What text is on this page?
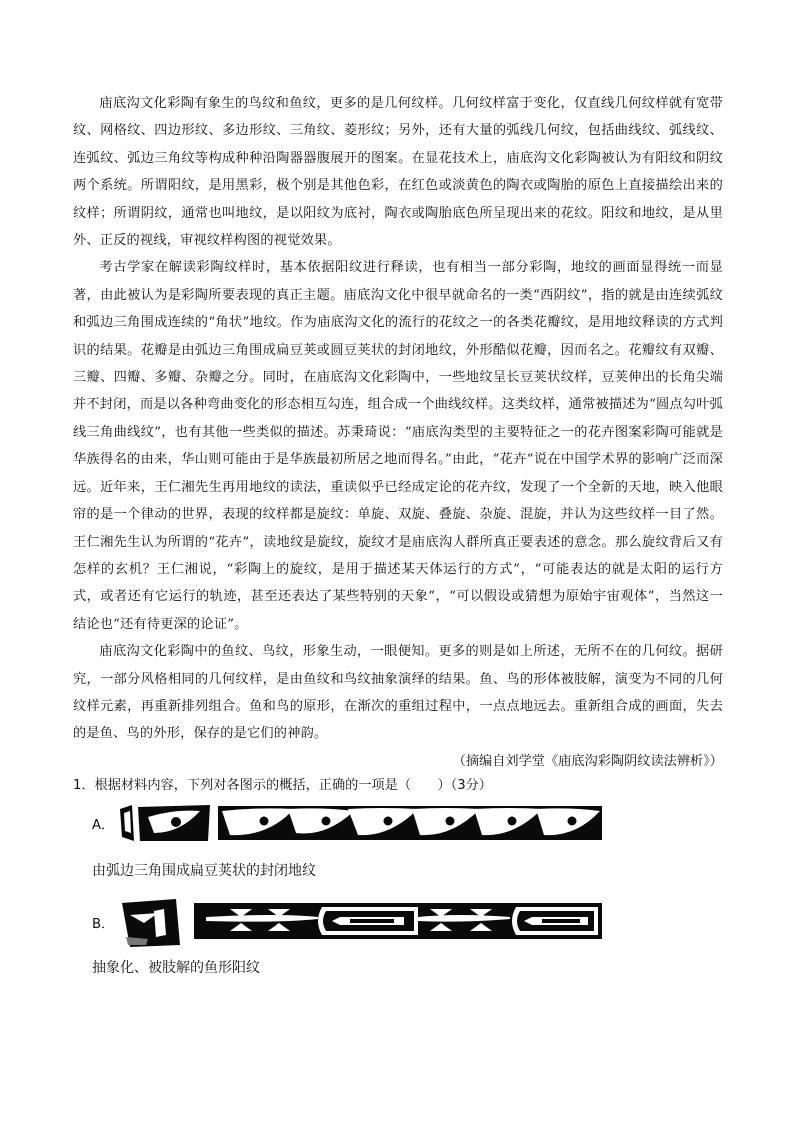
庙底沟文化彩陶有象生的鸟纹和鱼纹，更多的是几何纹样。几何纹样富于变化，仅直线几何纹样就有宽带纹、网格纹、四边形纹、多边形纹、三角纹、菱形纹；另外，还有大量的弧线几何纹，包括曲线纹、弧线纹、连弧纹、弧边三角纹等构成种种沿陶器器腹展开的图案。在显花技术上，庙底沟文化彩陶被认为有阳纹和阴纹两个系统。所谓阳纹，是用黑彩，极个别是其他色彩，在红色或淡黄色的陶衣或陶胎的原色上直接描绘出来的纹样；所谓阴纹，通常也叫地纹，是以阳纹为底衬，陶衣或陶胎底色所呈现出来的花纹。阳纹和地纹，是从里外、正反的视线，审视纹样构图的视觉效果。

考古学家在解读彩陶纹样时，基本依据阳纹进行释读，也有相当一部分彩陶，地纹的画面显得统一而显著，由此被认为是彩陶所要表现的真正主题。庙底沟文化中很早就命名的一类“西阴纹”，指的就是由连续弧纹和弧边三角围成连续的“角状”地纹。作为庙底沟文化的流行的花纹之一的各类花瓣纹，是用地纹释读的方式判识的结果。花瓣是由弧边三角围成扁豆荚或圆豆荚状的封闭地纹，外形酷似花瓣，因而名之。花瓣纹有双瓣、三瓣、四瓣、多瓣、杂瓣之分。同时，在庙底沟文化彩陶中，一些地纹呈长豆荚状纹样，豆荚伸出的长角尖端并不封闭，而是以各种弯曲变化的形态相互勾连，组合成一个曲线纹样。这类纹样，通常被描述为“圆点勾叶弧线三角曲线纹”，也有其他一些类似的描述。苏秉琦说：“庙底沟类型的主要特征之一的花卉图案彩陶可能就是华族得名的由来，华山则可能由于是华族最初所居之地而得名。”由此，“花卉”说在中国学术界的影响广泛而深远。近年来，王仁湘先生再用地纹的读法，重读似乎已经成定论的花卉纹，发现了一个全新的天地，映入他眼帘的是一个律动的世界，表现的纹样都是旋纹：单旋、双旋、叠旋、杂旋、混旋，并认为这些纹样一目了然。王仁湘先生认为所谓的“花卉”，读地纹是旋纹，旋纹才是庙底沟人群所真正要表述的意念。那么旋纹背后又有怎样的玄机？王仁湘说，“彩陶上的旋纹，是用于描述某天体运行的方式”，“可能表达的就是太阳的运行方式，或者还有它运行的轨迹，甚至还表达了某些特别的天象”，“可以假设或猜想为原始宇宙观体”，当然这一结论也“还有待更深的论证”。

庙底沟文化彩陶中的鱼纹、鸟纹，形象生动，一眼便知。更多的则是如上所述，无所不在的几何纹。据研究，一部分风格相同的几何纹样，是由鱼纹和鸟纹抽象演绎的结果。鱼、鸟的形体被肢解，演变为不同的几何纹样元素，再重新排列组合。鱼和鸟的原形，在渐次的重组过程中，一点点地远去。重新组合成的画面，失去的是鱼、鸟的外形，保存的是它们的神韵。

（摘编自刘学堂《庙底沟彩陶阴纹读法辨析》）

1．根据材料内容，下列对各图示的概括，正确的一项是（　　）（3分）
A．
由弧边三角围成扁豆荚状的封闭地纹
B．
抽象化、被肢解的鱼形阳纹
